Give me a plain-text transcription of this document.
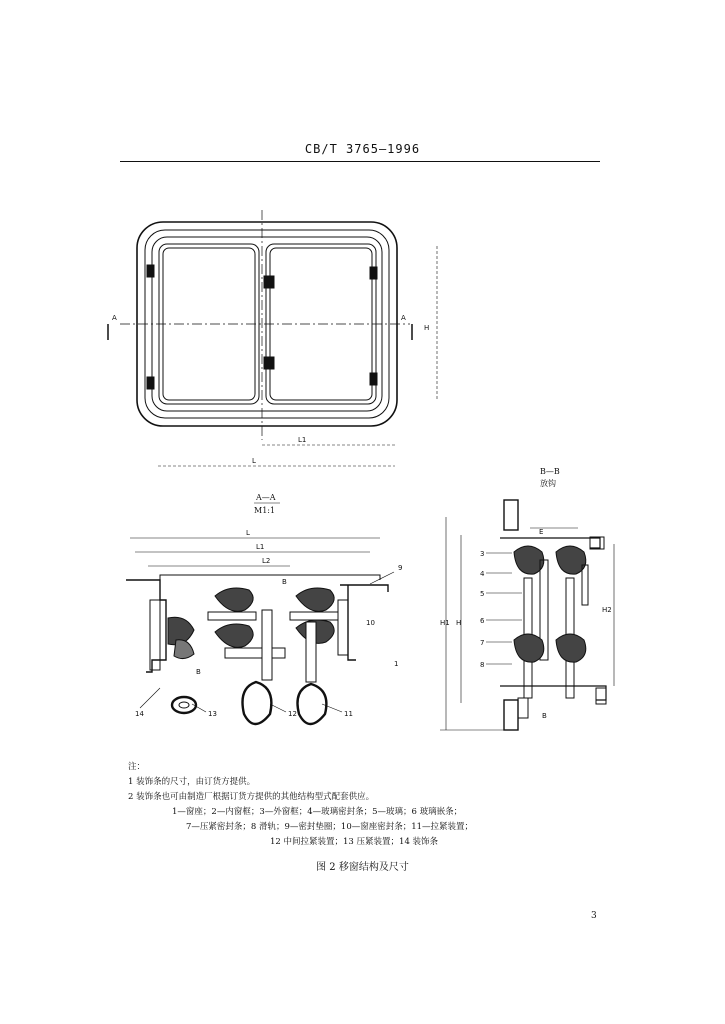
CB/T 3765—1996
A	A
L1
L
H
A—A
M1:1
L
L1
L2
14	13	12	11
9
10
1
B
B
B—B
放钩
E
H1 H
H2
3
4
5
6
7
8
B
注：
1 装饰条的尺寸，由订货方提供。
2 装饰条也可由制造厂根据订货方提供的其他结构型式配套供应。
1—窗座；2—内窗框；3—外窗框；4—玻璃密封条；5—玻璃；6 玻璃嵌条；
7—压紧密封条；8 滑轨；9—密封垫圈；10—窗座密封条；11—拉紧装置；
12 中间拉紧装置；13 压紧装置；14 装饰条
图 2 移窗结构及尺寸
3
